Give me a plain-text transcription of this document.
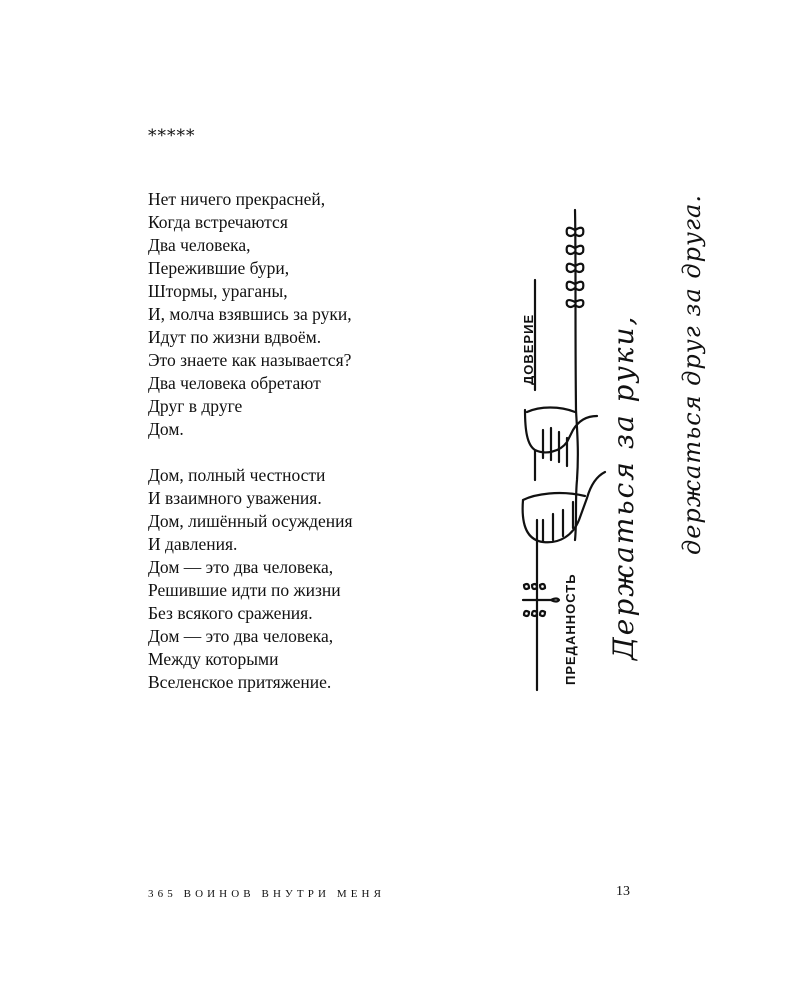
*****

Нет ничего прекрасней,
Когда встречаются
Два человека,
Пережившие бури,
Штормы, ураганы,
И, молча взявшись за руки,
Идут по жизни вдвоём.
Это знаете как называется?
Два человека обретают
Друг в друге
Дом.
Дом, полный честности
И взаимного уважения.
Дом, лишённый осуждения
И давления.
Дом — это два человека,
Решившие идти по жизни
Без всякого сражения.
Дом — это два человека,
Между которыми
Вселенское притяжение.
ДОВЕРИЕ
ПРЕДАННОСТЬ Держаться за руки, держаться друг за друга.

365 ВОИНОВ ВНУТРИ МЕНЯ	13
